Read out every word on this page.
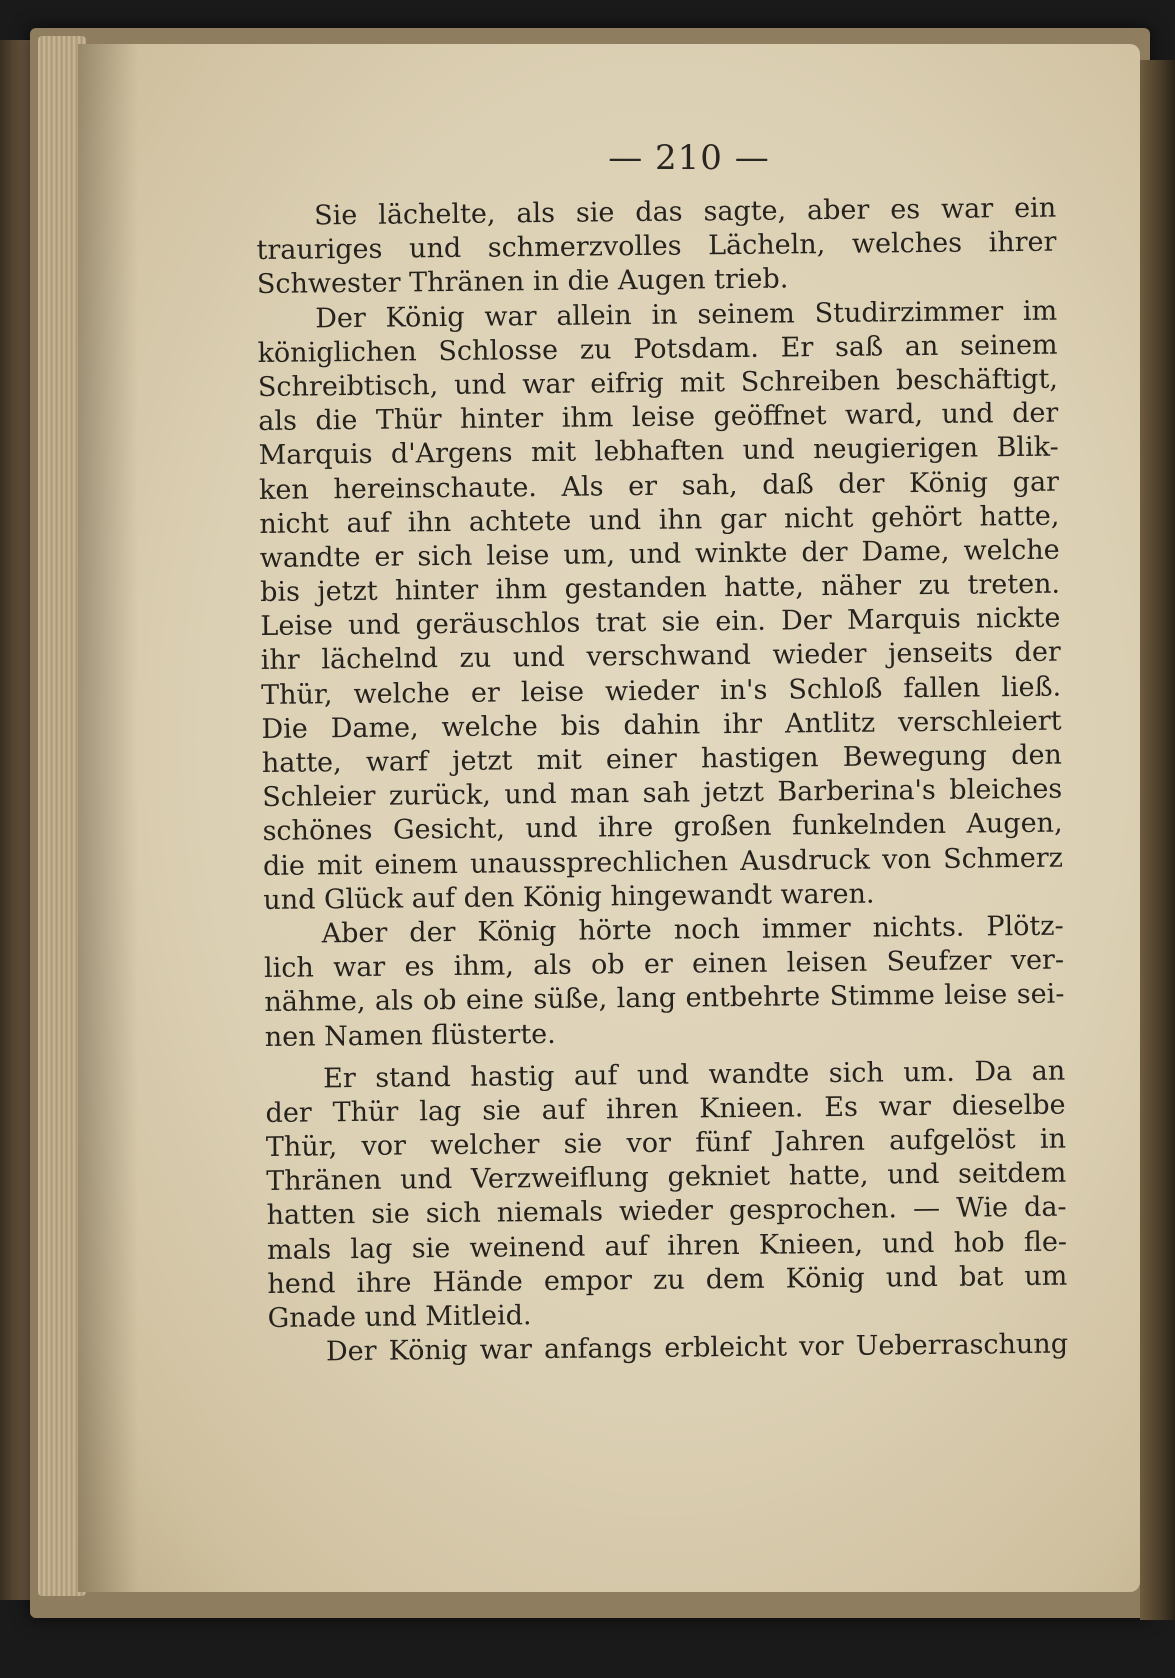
— 210 —
Sie lächelte, als sie das sagte, aber es war ein
trauriges und schmerzvolles Lächeln, welches ihrer
Schwester Thränen in die Augen trieb.
Der König war allein in seinem Studirzimmer im
königlichen Schlosse zu Potsdam. Er saß an seinem
Schreibtisch, und war eifrig mit Schreiben beschäftigt,
als die Thür hinter ihm leise geöffnet ward, und der
Marquis d'Argens mit lebhaften und neugierigen Blik-
ken hereinschaute. Als er sah, daß der König gar
nicht auf ihn achtete und ihn gar nicht gehört hatte,
wandte er sich leise um, und winkte der Dame, welche
bis jetzt hinter ihm gestanden hatte, näher zu treten.
Leise und geräuschlos trat sie ein. Der Marquis nickte
ihr lächelnd zu und verschwand wieder jenseits der
Thür, welche er leise wieder in's Schloß fallen ließ.
Die Dame, welche bis dahin ihr Antlitz verschleiert
hatte, warf jetzt mit einer hastigen Bewegung den
Schleier zurück, und man sah jetzt Barberina's bleiches
schönes Gesicht, und ihre großen funkelnden Augen,
die mit einem unaussprechlichen Ausdruck von Schmerz
und Glück auf den König hingewandt waren.
Aber der König hörte noch immer nichts. Plötz-
lich war es ihm, als ob er einen leisen Seufzer ver-
nähme, als ob eine süße, lang entbehrte Stimme leise sei-
nen Namen flüsterte.
Er stand hastig auf und wandte sich um. Da an
der Thür lag sie auf ihren Knieen. Es war dieselbe
Thür, vor welcher sie vor fünf Jahren aufgelöst in
Thränen und Verzweiflung gekniet hatte, und seitdem
hatten sie sich niemals wieder gesprochen. — Wie da-
mals lag sie weinend auf ihren Knieen, und hob fle-
hend ihre Hände empor zu dem König und bat um
Gnade und Mitleid.
Der König war anfangs erbleicht vor Ueberraschung
